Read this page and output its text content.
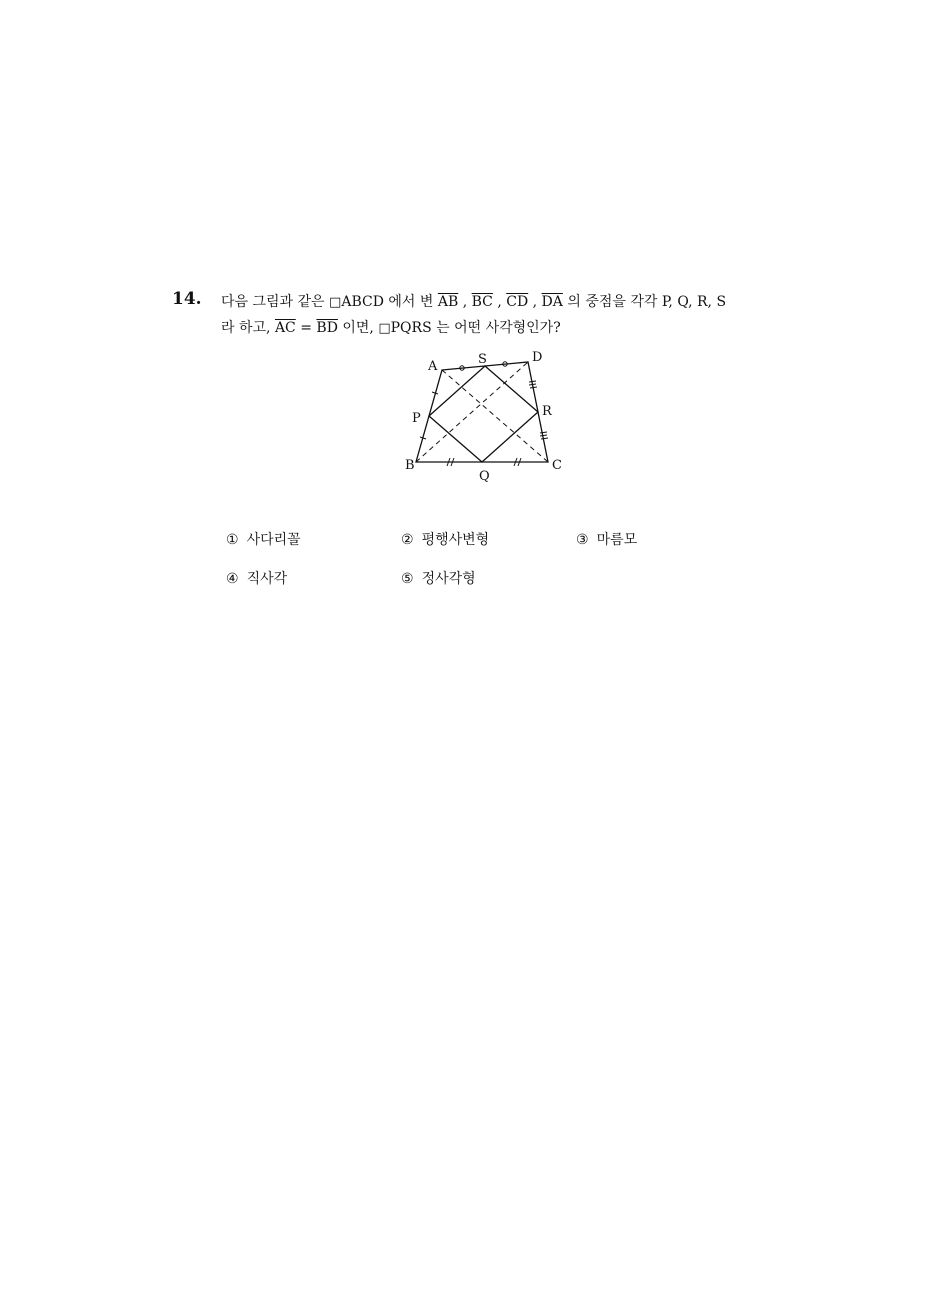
14. 다음 그림과 같은 □ABCD 에서 변 $\overline{AB}$ , $\overline{BC}$ , $\overline{CD}$ , $\overline{DA}$ 의 중점을 각각 P, Q, R, S
라 하고, $\overline{AC} = \overline{BD}$ 이면, □PQRS 는 어떤 사각형인가?
A	S	D
P	R
B
Q
C
① 사다리꼴	② 평행사변형	③ 마름모
④ 직사각	⑤ 정사각형
